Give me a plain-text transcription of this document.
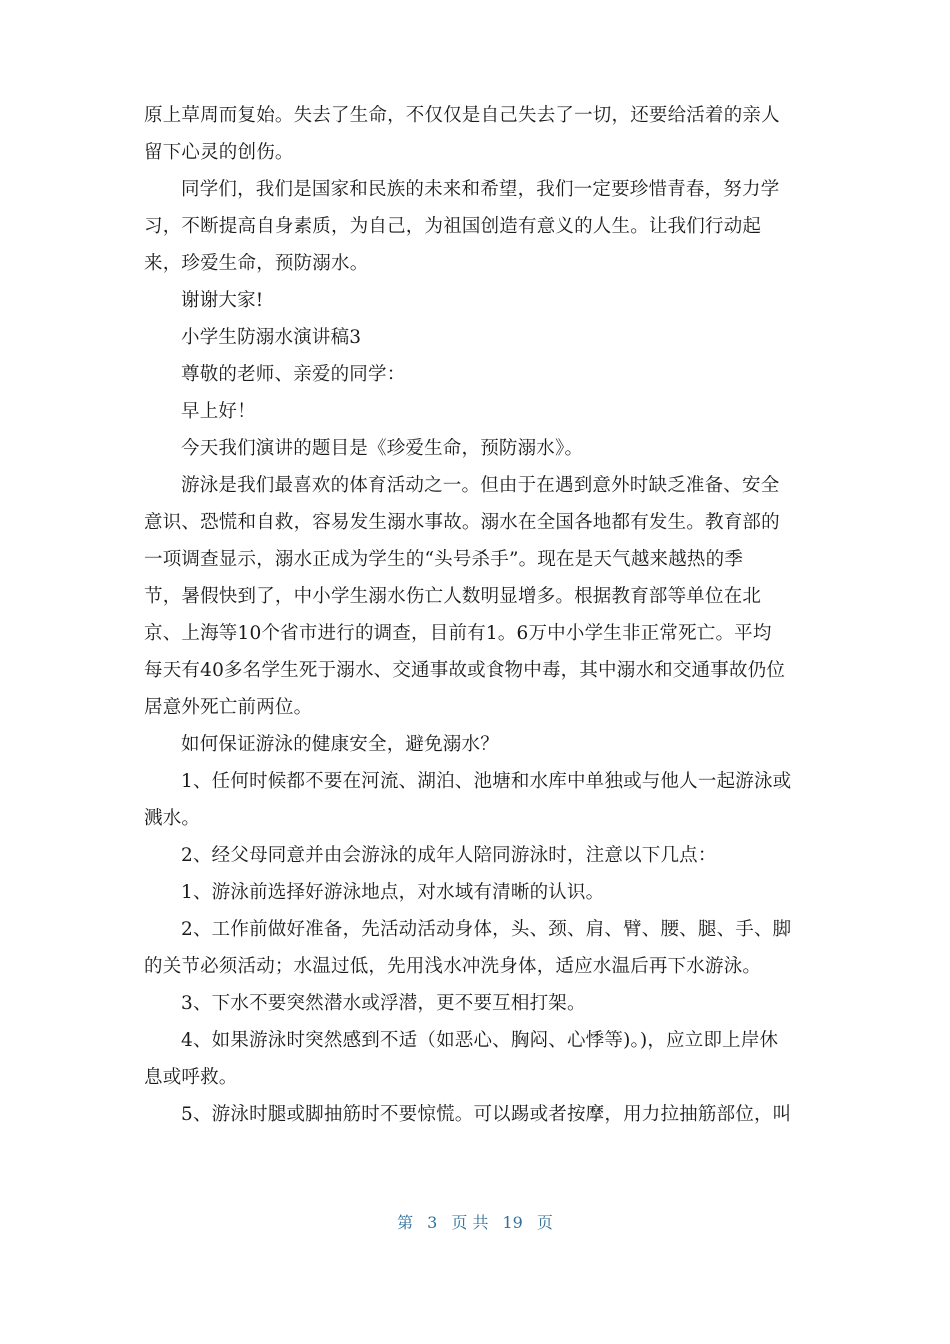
原上草周而复始。失去了生命，不仅仅是自己失去了一切，还要给活着的亲人
留下心灵的创伤。
同学们，我们是国家和民族的未来和希望，我们一定要珍惜青春，努力学
习，不断提高自身素质，为自己，为祖国创造有意义的人生。让我们行动起
来，珍爱生命，预防溺水。
谢谢大家!
小学生防溺水演讲稿3
尊敬的老师、亲爱的同学：
早上好！
今天我们演讲的题目是《珍爱生命，预防溺水》。
游泳是我们最喜欢的体育活动之一。但由于在遇到意外时缺乏准备、安全
意识、恐慌和自救，容易发生溺水事故。溺水在全国各地都有发生。教育部的
一项调查显示，溺水正成为学生的“头号杀手”。现在是天气越来越热的季
节，暑假快到了，中小学生溺水伤亡人数明显增多。根据教育部等单位在北
京、上海等10个省市进行的调查，目前有1。6万中小学生非正常死亡。平均
每天有40多名学生死于溺水、交通事故或食物中毒，其中溺水和交通事故仍位
居意外死亡前两位。
如何保证游泳的健康安全，避免溺水？
1、任何时候都不要在河流、湖泊、池塘和水库中单独或与他人一起游泳或
溅水。
2、经父母同意并由会游泳的成年人陪同游泳时，注意以下几点：
1、游泳前选择好游泳地点，对水域有清晰的认识。
2、工作前做好准备，先活动活动身体，头、颈、肩、臂、腰、腿、手、脚
的关节必须活动；水温过低，先用浅水冲洗身体，适应水温后再下水游泳。
3、下水不要突然潜水或浮潜，更不要互相打架。
4、如果游泳时突然感到不适（如恶心、胸闷、心悸等)。)，应立即上岸休
息或呼救。
5、游泳时腿或脚抽筋时不要惊慌。可以踢或者按摩，用力拉抽筋部位，叫
第 3 页 共 19 页
